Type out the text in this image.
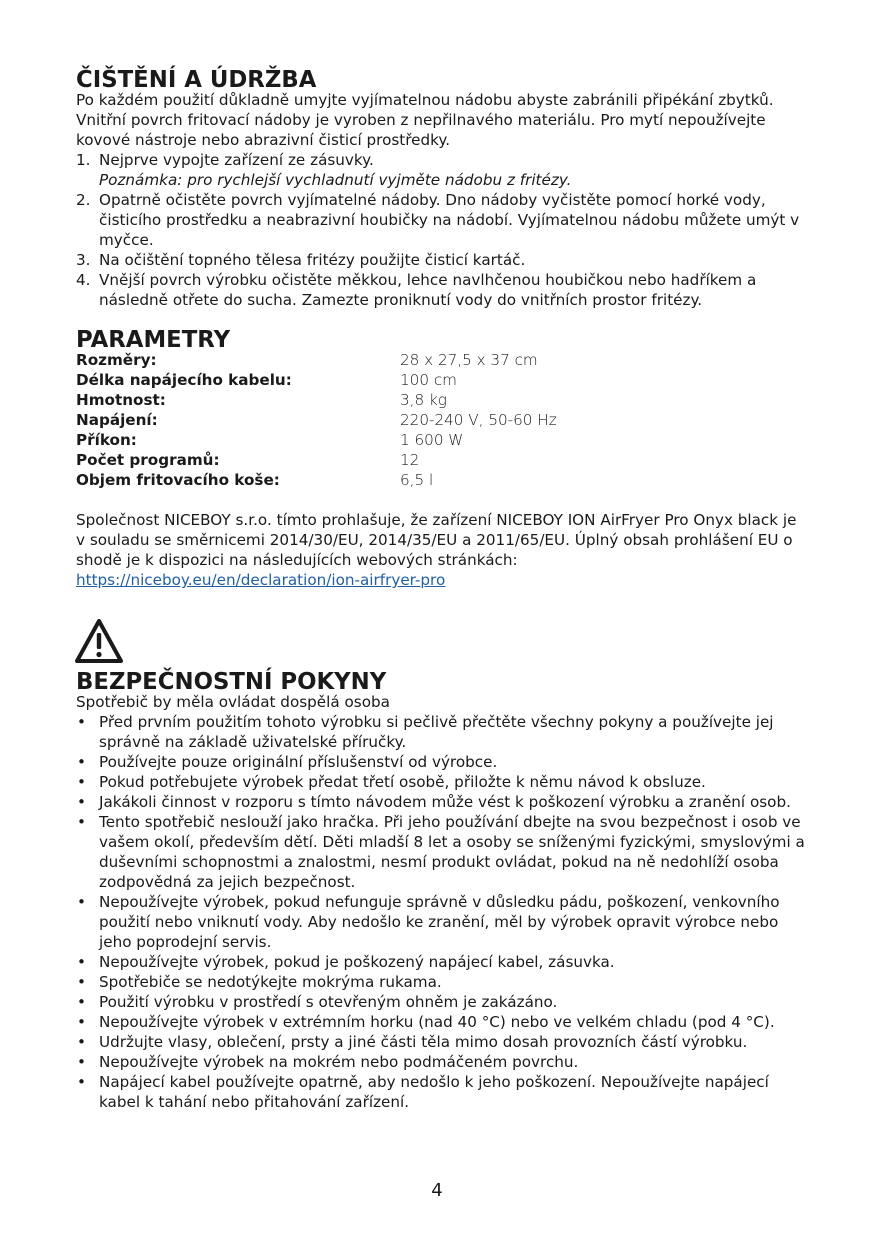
ČIŠTĚNÍ A ÚDRŽBA

Po každém použití důkladně umyjte vyjímatelnou nádobu abyste zabránili připékání zbytků. Vnitřní povrch fritovací nádoby je vyroben z nepřilnavého materiálu. Pro mytí nepoužívejte kovové nástroje nebo abrazivní čisticí prostředky.

1. Nejprve vypojte zařízení ze zásuvky.
Poznámka: pro rychlejší vychladnutí vyjměte nádobu z fritézy.
2. Opatrně očistěte povrch vyjímatelné nádoby. Dno nádoby vyčistěte pomocí horké vody, čisticího prostředku a neabrazivní houbičky na nádobí. Vyjímatelnou nádobu můžete umýt v myčce.
3. Na očištění topného tělesa fritézy použijte čisticí kartáč.
4. Vnější povrch výrobku očistěte měkkou, lehce navlhčenou houbičkou nebo hadříkem a následně otřete do sucha. Zamezte proniknutí vody do vnitřních prostor fritézy.
PARAMETRY
Rozměry:	28 x 27,5 x 37 cm
Délka napájecího kabelu:	100 cm
Hmotnost:	3,8 kg
Napájení:	220-240 V, 50-60 Hz
Příkon:	1 600 W
Počet programů:	12
Objem fritovacího koše:	6,5 l

Společnost NICEBOY s.r.o. tímto prohlašuje, že zařízení NICEBOY ION AirFryer Pro Onyx black je v souladu se směrnicemi 2014/30/EU, 2014/35/EU a 2011/65/EU. Úplný obsah prohlášení EU o shodě je k dispozici na následujících webových stránkách:

https://niceboy.eu/en/declaration/ion-airfryer-pro
BEZPEČNOSTNÍ POKYNY

Spotřebič by měla ovládat dospělá osoba

• Před prvním použitím tohoto výrobku si pečlivě přečtěte všechny pokyny a používejte jej správně na základě uživatelské příručky.
• Používejte pouze originální příslušenství od výrobce.
• Pokud potřebujete výrobek předat třetí osobě, přiložte k němu návod k obsluze.
• Jakákoli činnost v rozporu s tímto návodem může vést k poškození výrobku a zranění osob.
• Tento spotřebič neslouží jako hračka. Při jeho používání dbejte na svou bezpečnost i osob ve vašem okolí, především dětí. Děti mladší 8 let a osoby se sníženými fyzickými, smyslovými a duševními schopnostmi a znalostmi, nesmí produkt ovládat, pokud na ně nedohlíží osoba zodpovědná za jejich bezpečnost.
• Nepoužívejte výrobek, pokud nefunguje správně v důsledku pádu, poškození, venkovního použití nebo vniknutí vody. Aby nedošlo ke zranění, měl by výrobek opravit výrobce nebo jeho poprodejní servis.
• Nepoužívejte výrobek, pokud je poškozený napájecí kabel, zásuvka.
• Spotřebiče se nedotýkejte mokrýma rukama.
• Použití výrobku v prostředí s otevřeným ohněm je zakázáno.
• Nepoužívejte výrobek v extrémním horku (nad 40 °C) nebo ve velkém chladu (pod 4 °C).
• Udržujte vlasy, oblečení, prsty a jiné části těla mimo dosah provozních částí výrobku.
• Nepoužívejte výrobek na mokrém nebo podmáčeném povrchu.
• Napájecí kabel používejte opatrně, aby nedošlo k jeho poškození. Nepoužívejte napájecí kabel k tahání nebo přitahování zařízení.
4
